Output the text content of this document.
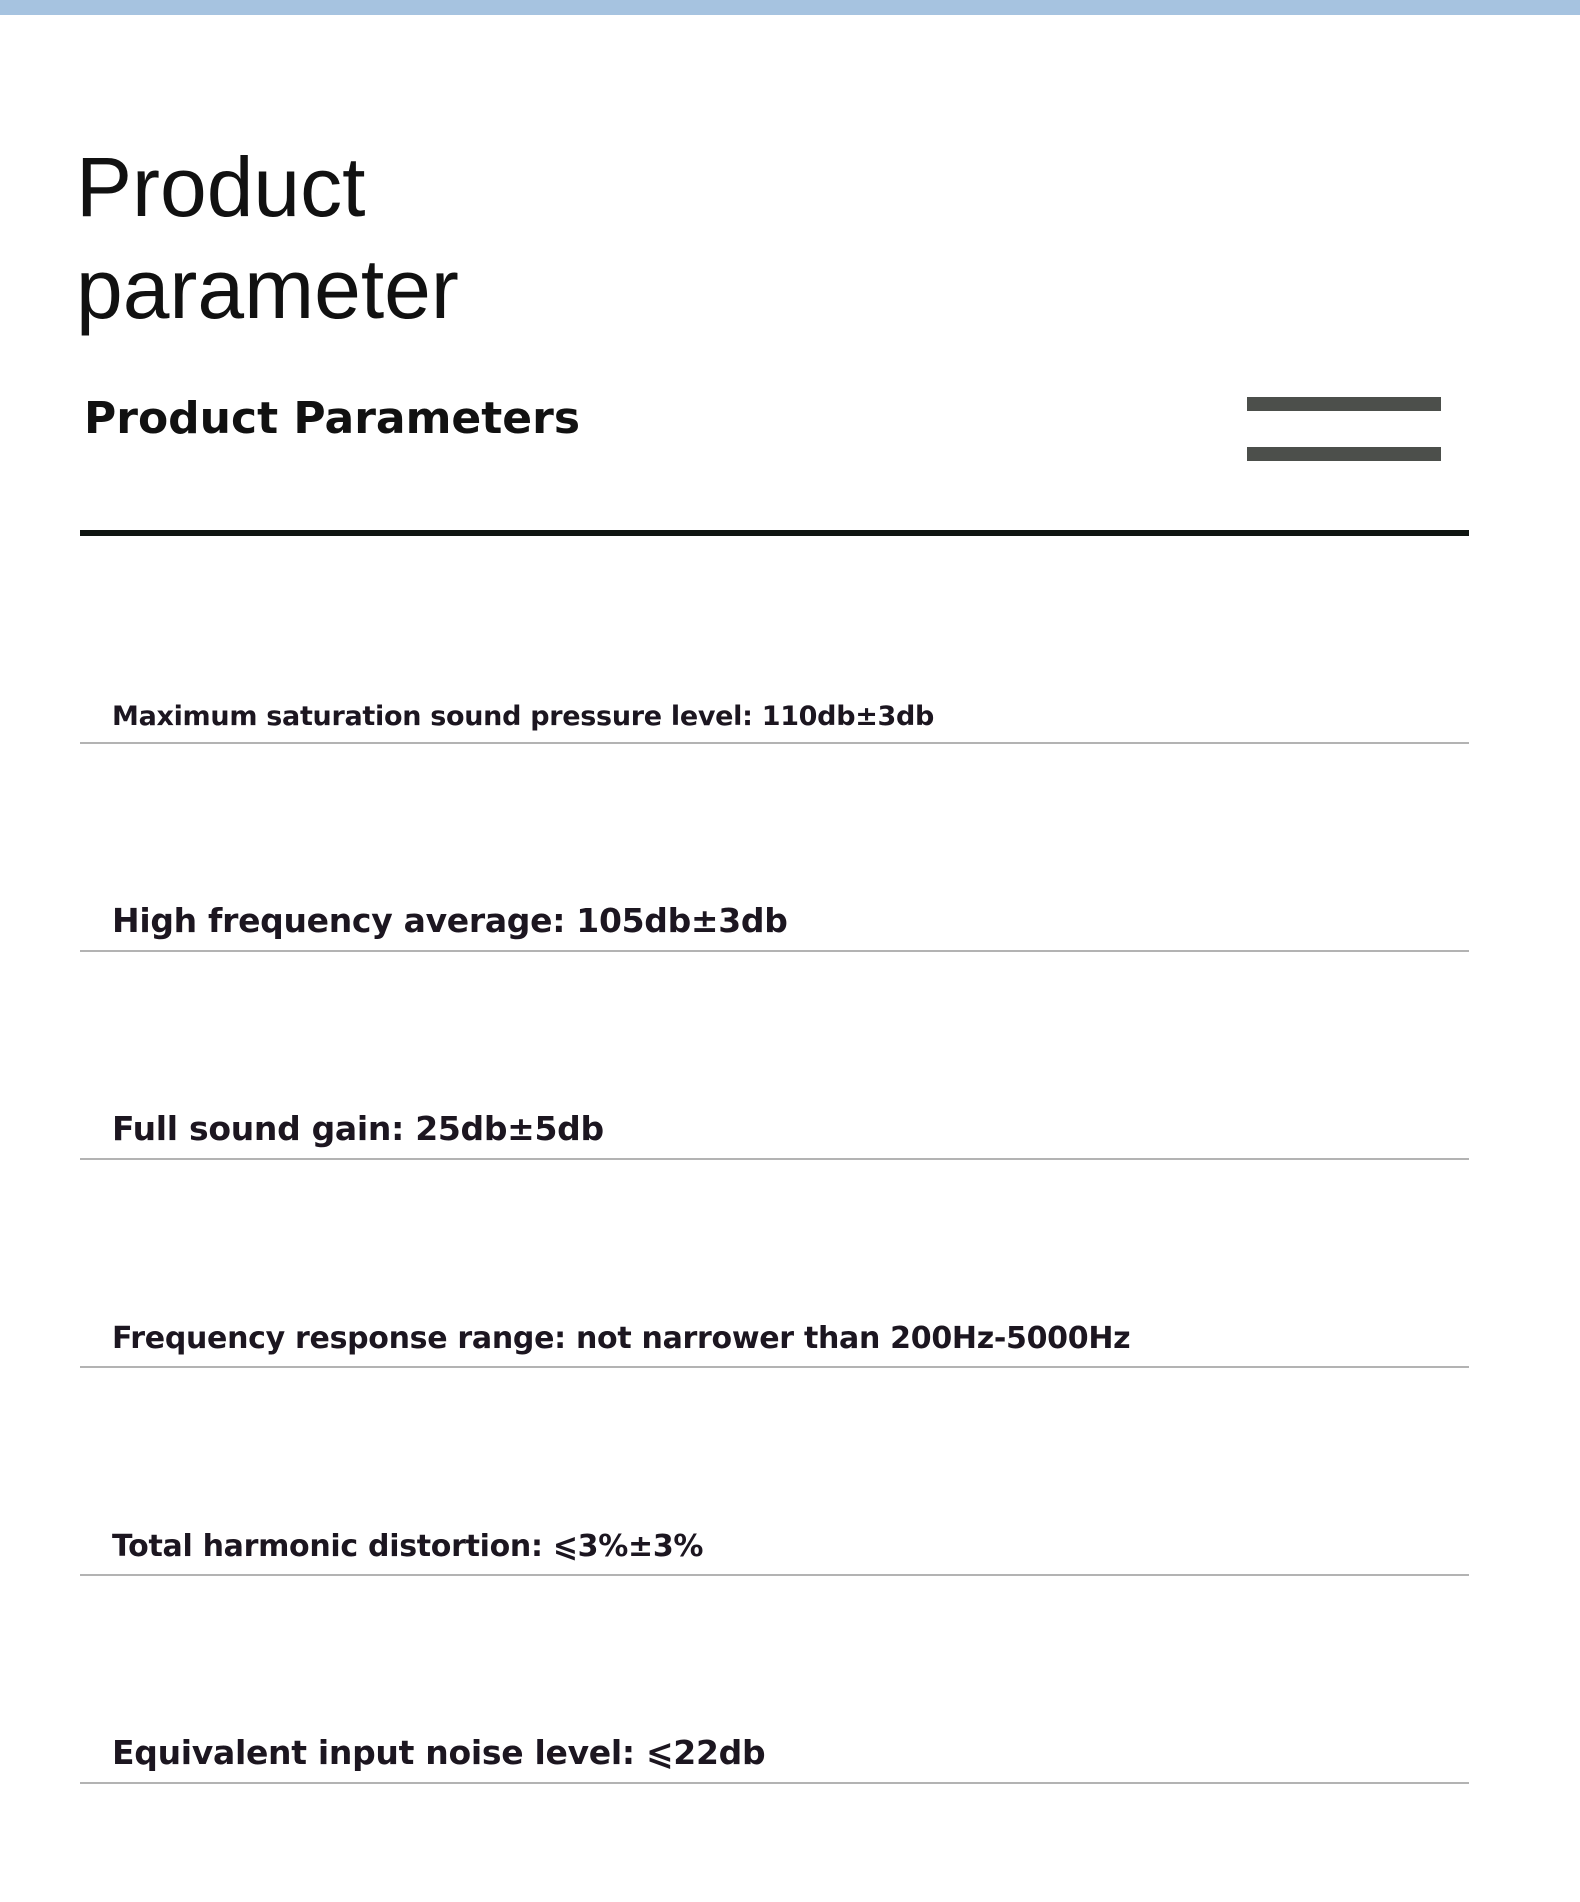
Product
parameter
Product Parameters
Maximum saturation sound pressure level: 110db±3db
High frequency average: 105db±3db
Full sound gain: 25db±5db
Frequency response range: not narrower than 200Hz-5000Hz
Total harmonic distortion: ⩽3%±3%
Equivalent input noise level: ⩽22db
